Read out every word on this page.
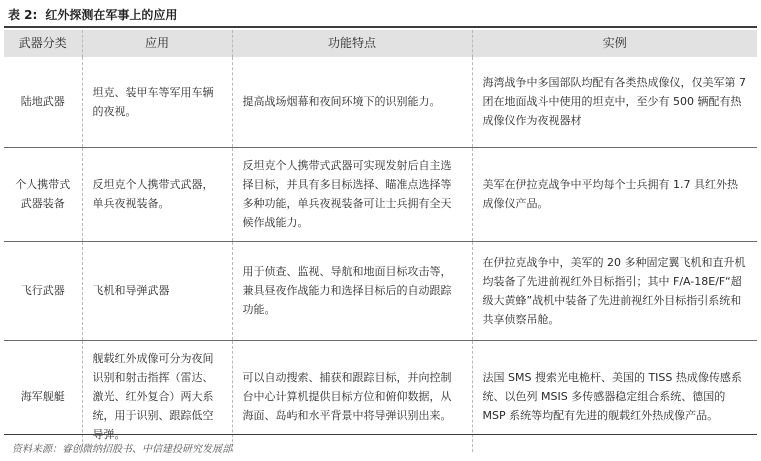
表 2: 红外探测在军事上的应用
武器分类	应用	功能特点	实例
陆地武器	坦克、装甲车等军用车辆的夜视。	提高战场烟幕和夜间环境下的识别能力。	海湾战争中多国部队均配有各类热成像仪，仅美军第 7 团在地面战斗中使用的坦克中，至少有 500 辆配有热成像仪作为夜视器材
个人携带式武器装备	反坦克个人携带式武器，单兵夜视装备。	反坦克个人携带式武器可实现发射后自主选择目标，并具有多目标选择、瞄准点选择等多种功能，单兵夜视装备可让士兵拥有全天候作战能力。	美军在伊拉克战争中平均每个士兵拥有 1.7 具红外热成像仪产品。
飞行武器	飞机和导弹武器	用于侦查、监视、导航和地面目标攻击等，兼具昼夜作战能力和选择目标后的自动跟踪功能。	在伊拉克战争中，美军的 20 多种固定翼飞机和直升机均装备了先进前视红外目标指引；其中 F/A-18E/F“超级大黄蜂”战机中装备了先进前视红外目标指引系统和共享侦察吊舱。
海军舰艇	舰载红外成像可分为夜间识别和射击指挥（雷达、激光、红外复合）两大系统，用于识别、跟踪低空导弹。	可以自动搜索、捕获和跟踪目标，并向控制台中心计算机提供目标方位和俯仰数据，从海面、岛屿和水平背景中将导弹识别出来。	法国 SMS 搜索光电桅杆、美国的 TISS 热成像传感系统、以色列 MSIS 多传感器稳定组合系统、德国的 MSP 系统等均配有先进的舰载红外热成像产品。
资料来源：睿创微纳招股书、中信建投研究发展部
